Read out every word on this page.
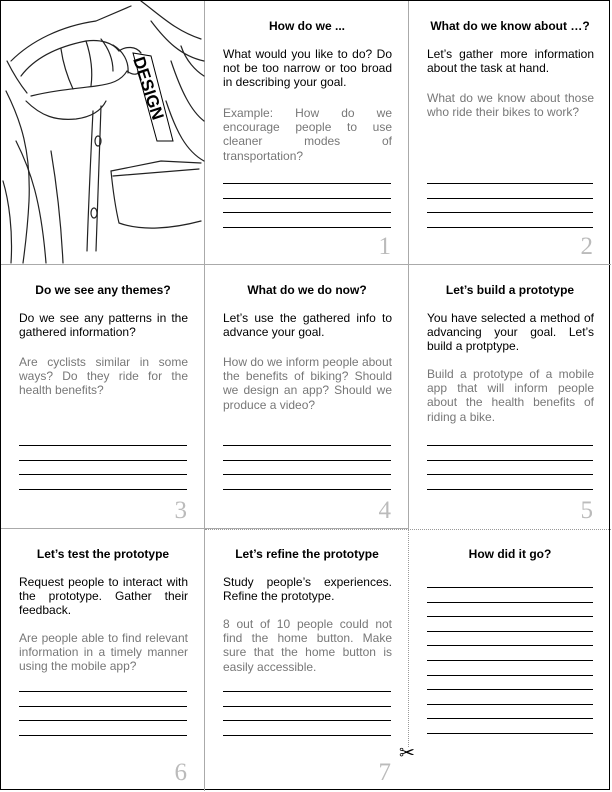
DESIGN
How do we ...
What would you like to do? Do not be too narrow or too broad in describing your goal.
Example: How do we encourage people to use cleaner modes of transportation?
1
What do we know about …?
Let’s gather more information about the task at hand.
What do we know about those who ride their bikes to work?
2
Do we see any themes?
Do we see any patterns in the gathered information?
Are cyclists similar in some ways? Do they ride for the health benefits?
3
What do we do now?
Let’s use the gathered info to advance your goal.
How do we inform people about the benefits of biking? Should we design an app? Should we produce a video?
4
Let’s build a prototype
You have selected a method of advancing your goal. Let’s build a protptype.
Build a prototype of a mobile app that will inform people about the health benefits of riding a bike.
5
Let’s test the prototype
Request people to interact with the prototype. Gather their feedback.
Are people able to find relevant information in a timely manner using the mobile app?
6
Let’s refine the prototype
Study people’s experiences. Refine the prototype.
8 out of 10 people could not find the home button. Make sure that the home button is easily accessible.
7
How did it go?
✂
